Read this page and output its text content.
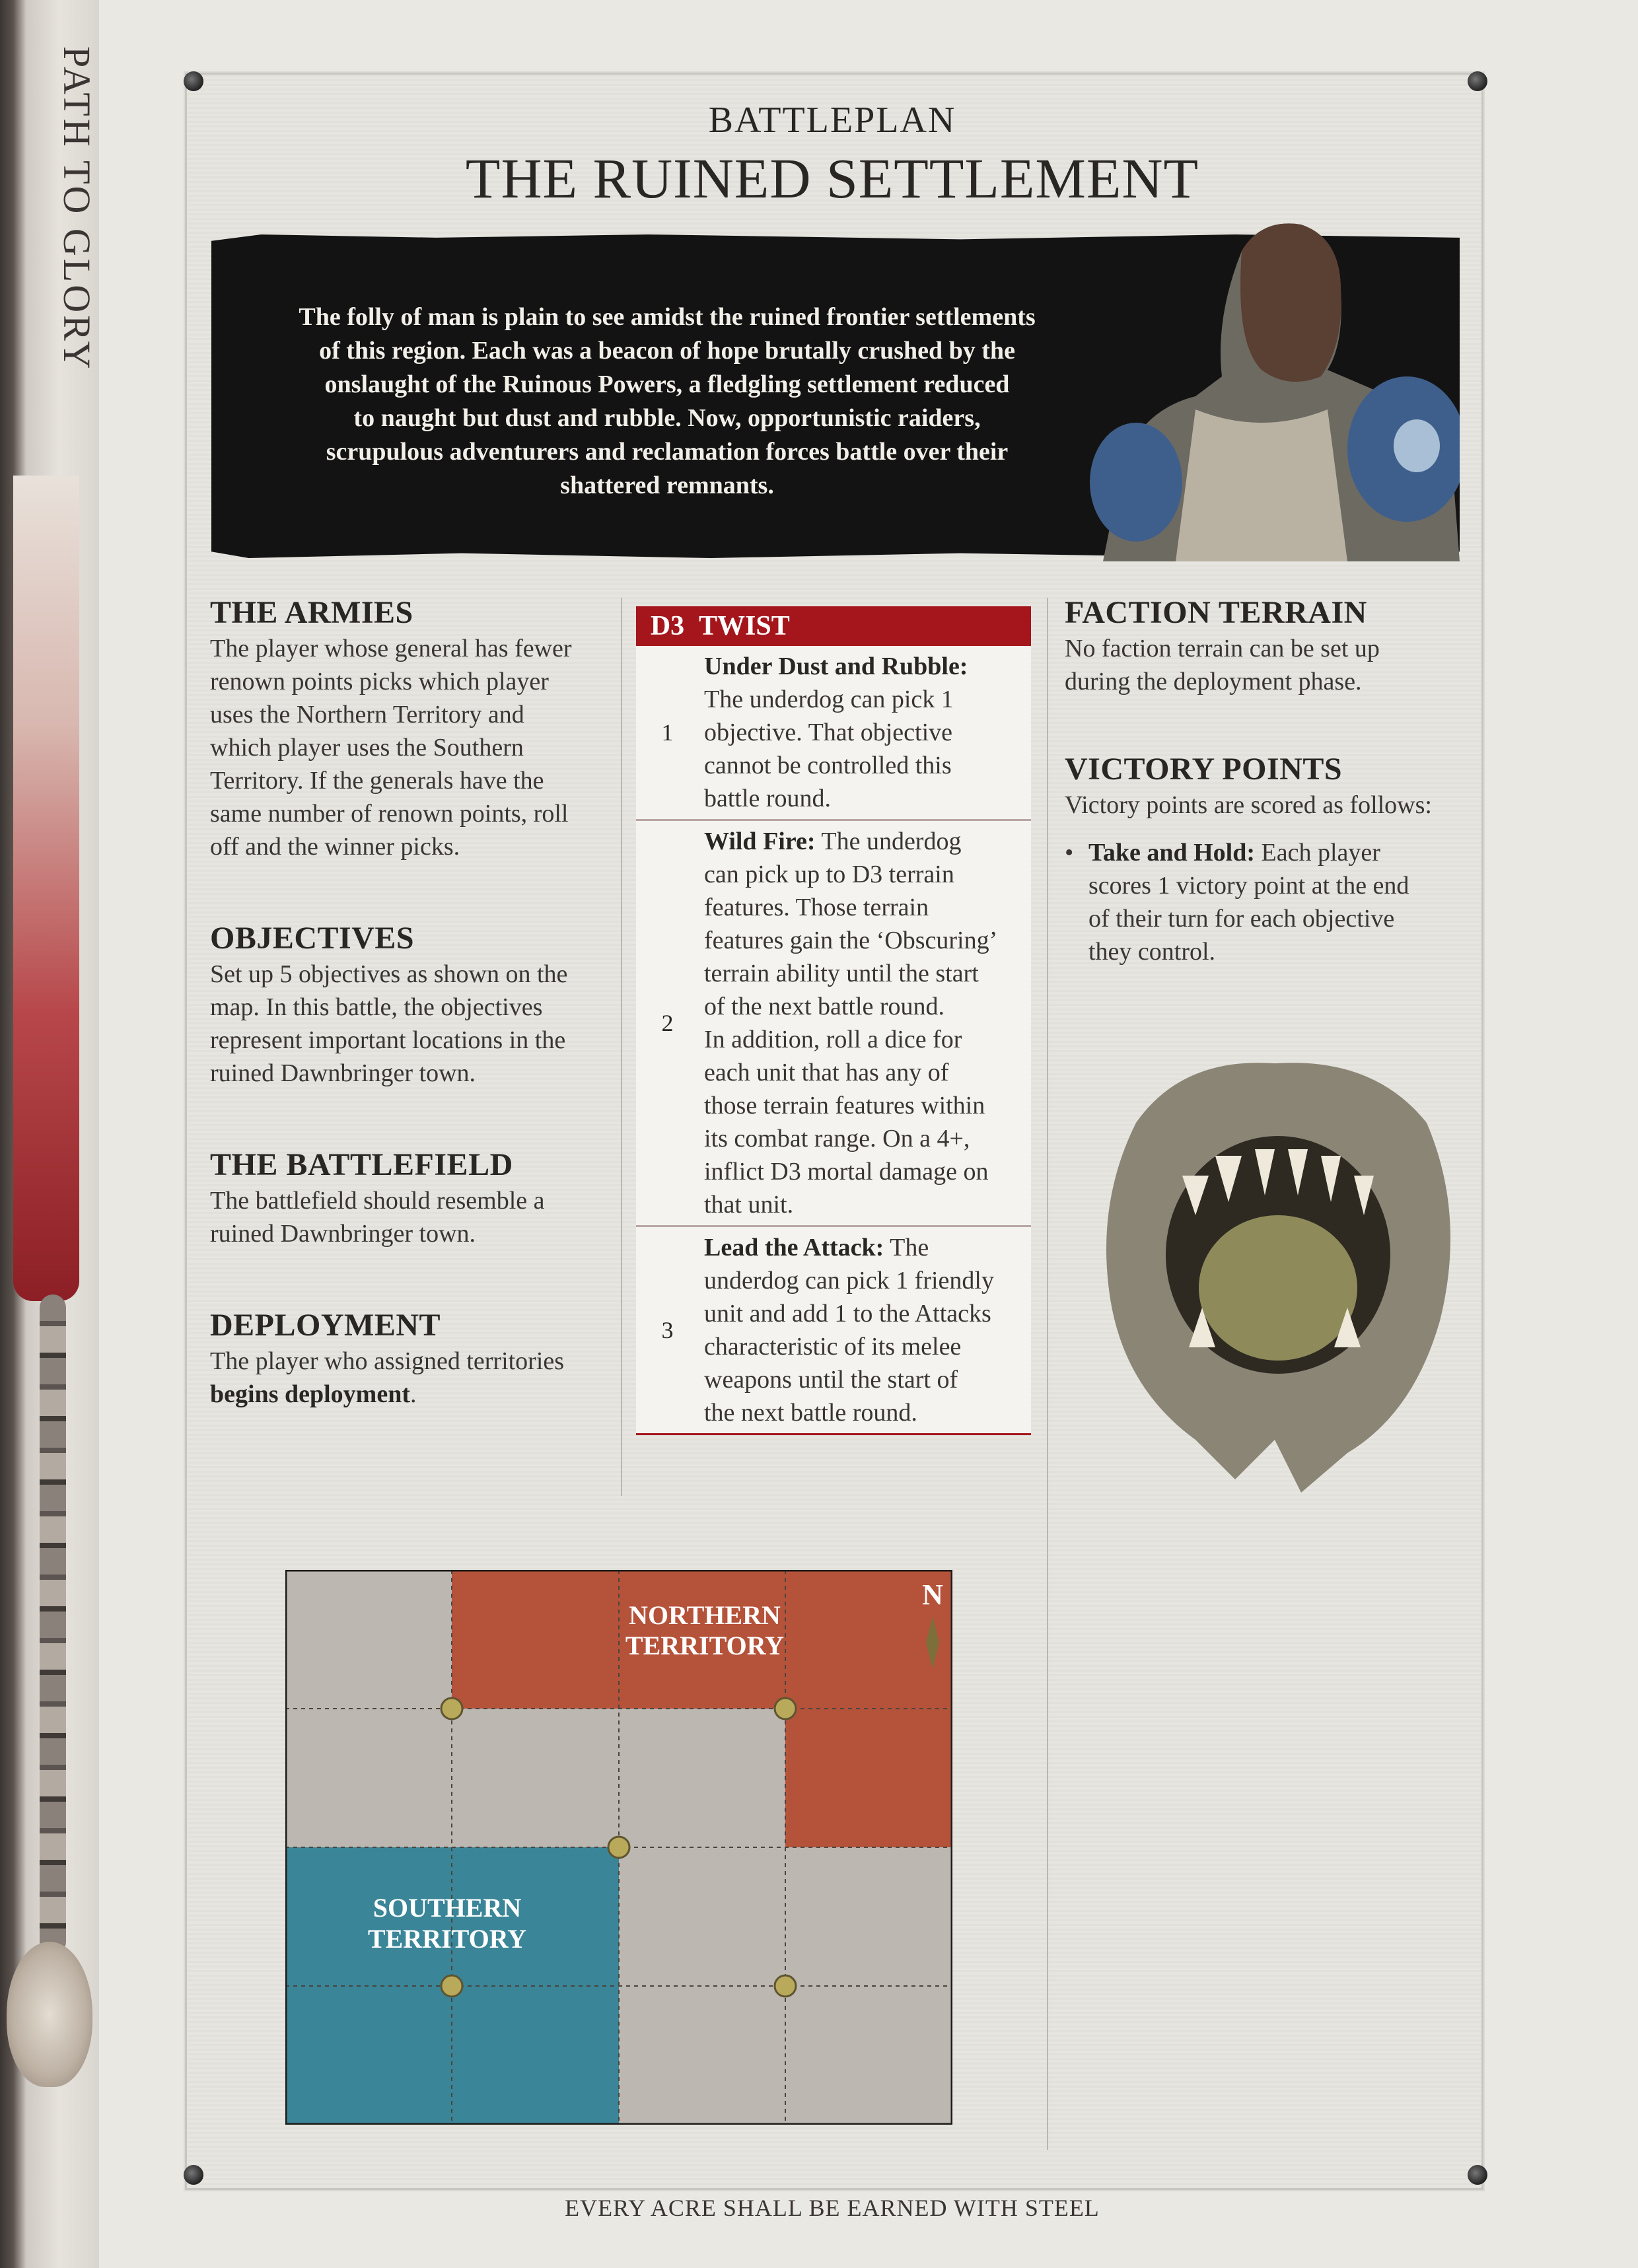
PATH TO GLORY	BATTLEPLAN
THE RUINED SETTLEMENT
The folly of man is plain to see amidst the ruined frontier settlements
of this region. Each was a beacon of hope brutally crushed by the
onslaught of the Ruinous Powers, a fledgling settlement reduced
to naught but dust and rubble. Now, opportunistic raiders,
scrupulous adventurers and reclamation forces battle over their
shattered remnants.
THE ARMIES
The player whose general has fewer
renown points picks which player
uses the Northern Territory and
which player uses the Southern
Territory. If the generals have the
same number of renown points, roll
off and the winner picks.
OBJECTIVES
Set up 5 objectives as shown on the
map. In this battle, the objectives
represent important locations in the
ruined Dawnbringer town.
THE BATTLEFIELD
The battlefield should resemble a
ruined Dawnbringer town.
DEPLOYMENT
The player who assigned territories
begins deployment.
D3 TWIST
1
Under Dust and Rubble:
The underdog can pick 1
objective. That objective
cannot be controlled this
battle round.
2
Wild Fire: The underdog
can pick up to D3 terrain
features. Those terrain
features gain the ‘Obscuring’
terrain ability until the start
of the next battle round.
In addition, roll a dice for
each unit that has any of
those terrain features within
its combat range. On a 4+,
inflict D3 mortal damage on
that unit.
3
Lead the Attack: The
underdog can pick 1 friendly
unit and add 1 to the Attacks
characteristic of its melee
weapons until the start of
the next battle round.
FACTION TERRAIN
No faction terrain can be set up
during the deployment phase.
VICTORY POINTS
Victory points are scored as follows:
• Take and Hold: Each player
scores 1 victory point at the end
of their turn for each objective
they control.
NORTHERN
TERRITORY
SOUTHERN
TERRITORY
N
EVERY ACRE SHALL BE EARNED WITH STEEL
